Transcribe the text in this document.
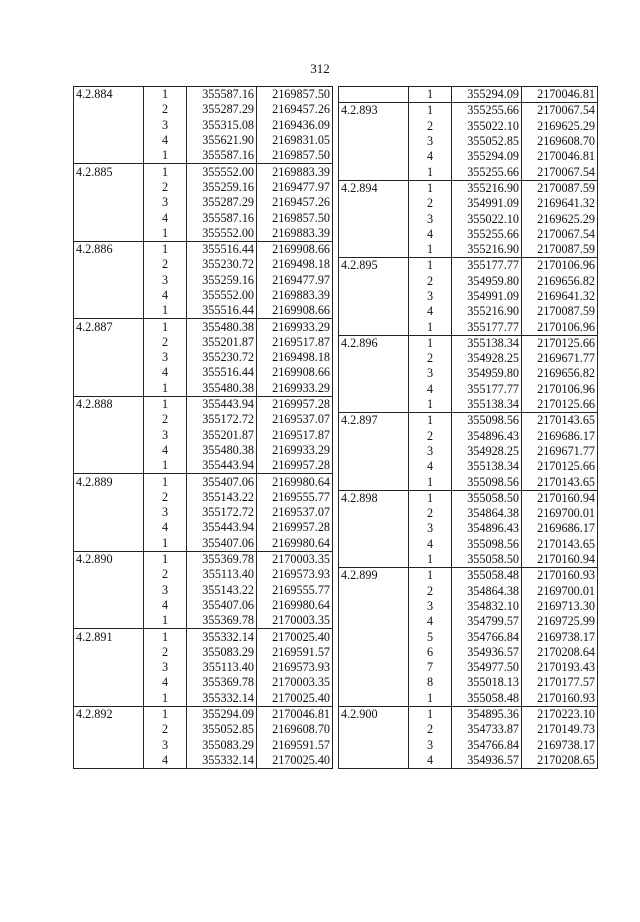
312
4.2.884	1	355587.16	2169857.50
	2	355287.29	2169457.26
	3	355315.08	2169436.09
	4	355621.90	2169831.05
	1	355587.16	2169857.50
4.2.885	1	355552.00	2169883.39
	2	355259.16	2169477.97
	3	355287.29	2169457.26
	4	355587.16	2169857.50
	1	355552.00	2169883.39
4.2.886	1	355516.44	2169908.66
	2	355230.72	2169498.18
	3	355259.16	2169477.97
	4	355552.00	2169883.39
	1	355516.44	2169908.66
4.2.887	1	355480.38	2169933.29
	2	355201.87	2169517.87
	3	355230.72	2169498.18
	4	355516.44	2169908.66
	1	355480.38	2169933.29
4.2.888	1	355443.94	2169957.28
	2	355172.72	2169537.07
	3	355201.87	2169517.87
	4	355480.38	2169933.29
	1	355443.94	2169957.28
4.2.889	1	355407.06	2169980.64
	2	355143.22	2169555.77
	3	355172.72	2169537.07
	4	355443.94	2169957.28
	1	355407.06	2169980.64
4.2.890	1	355369.78	2170003.35
	2	355113.40	2169573.93
	3	355143.22	2169555.77
	4	355407.06	2169980.64
	1	355369.78	2170003.35
4.2.891	1	355332.14	2170025.40
	2	355083.29	2169591.57
	3	355113.40	2169573.93
	4	355369.78	2170003.35
	1	355332.14	2170025.40
4.2.892	1	355294.09	2170046.81
	2	355052.85	2169608.70
	3	355083.29	2169591.57
	4	355332.14	2170025.40
	1	355294.09	2170046.81
4.2.893	1	355255.66	2170067.54
	2	355022.10	2169625.29
	3	355052.85	2169608.70
	4	355294.09	2170046.81
	1	355255.66	2170067.54
4.2.894	1	355216.90	2170087.59
	2	354991.09	2169641.32
	3	355022.10	2169625.29
	4	355255.66	2170067.54
	1	355216.90	2170087.59
4.2.895	1	355177.77	2170106.96
	2	354959.80	2169656.82
	3	354991.09	2169641.32
	4	355216.90	2170087.59
	1	355177.77	2170106.96
4.2.896	1	355138.34	2170125.66
	2	354928.25	2169671.77
	3	354959.80	2169656.82
	4	355177.77	2170106.96
	1	355138.34	2170125.66
4.2.897	1	355098.56	2170143.65
	2	354896.43	2169686.17
	3	354928.25	2169671.77
	4	355138.34	2170125.66
	1	355098.56	2170143.65
4.2.898	1	355058.50	2170160.94
	2	354864.38	2169700.01
	3	354896.43	2169686.17
	4	355098.56	2170143.65
	1	355058.50	2170160.94
4.2.899	1	355058.48	2170160.93
	2	354864.38	2169700.01
	3	354832.10	2169713.30
	4	354799.57	2169725.99
	5	354766.84	2169738.17
	6	354936.57	2170208.64
	7	354977.50	2170193.43
	8	355018.13	2170177.57
	1	355058.48	2170160.93
4.2.900	1	354895.36	2170223.10
	2	354733.87	2170149.73
	3	354766.84	2169738.17
	4	354936.57	2170208.65
